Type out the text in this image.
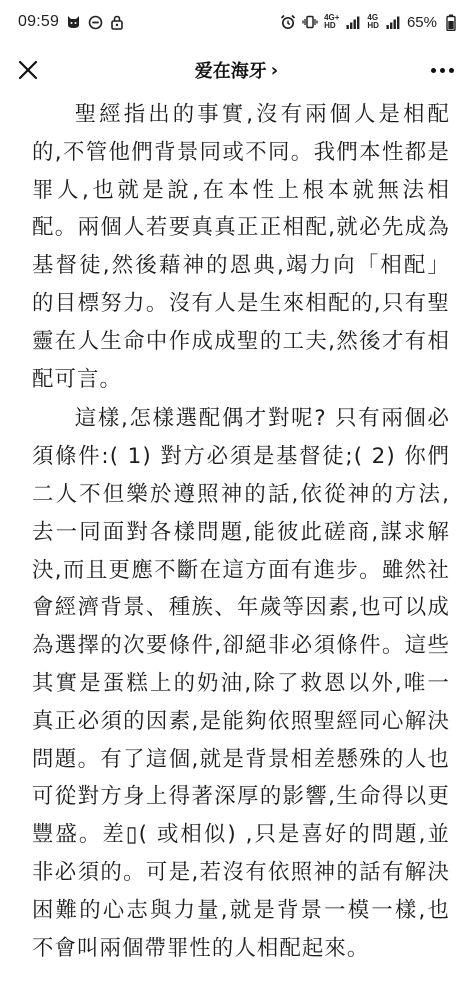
09:59	4G+
HD
4G
HD 65%
爱在海牙 ›

聖經指出的事實,沒有兩個人是相配的,不管他們背景同或不同。我們本性都是罪人,也就是說,在本性上根本就無法相配。兩個人若要真真正正相配,就必先成為基督徒,然後藉神的恩典,竭力向「相配」的目標努力。沒有人是生來相配的,只有聖靈在人生命中作成成聖的工夫,然後才有相配可言。

這樣,怎樣選配偶才對呢? 只有兩個必須條件:( 1) 對方必須是基督徒;( 2) 你們二人不但樂於遵照神的話,依從神的方法,去一同面對各樣問題,能彼此磋商,謀求解決,而且更應不斷在這方面有進步。雖然社會經濟背景、種族、年歲等因素,也可以成為選擇的次要條件,卻絕非必須條件。這些其實是蛋糕上的奶油,除了救恩以外,唯一真正必須的因素,是能夠依照聖經同心解決問題。有了這個,就是背景相差懸殊的人也可從對方身上得著深厚的影響,生命得以更豐盛。差▯( 或相似) ,只是喜好的問題,並非必須的。可是,若沒有依照神的話有解決困難的心志與力量,就是背景一模一樣,也不會叫兩個帶罪性的人相配起來。
